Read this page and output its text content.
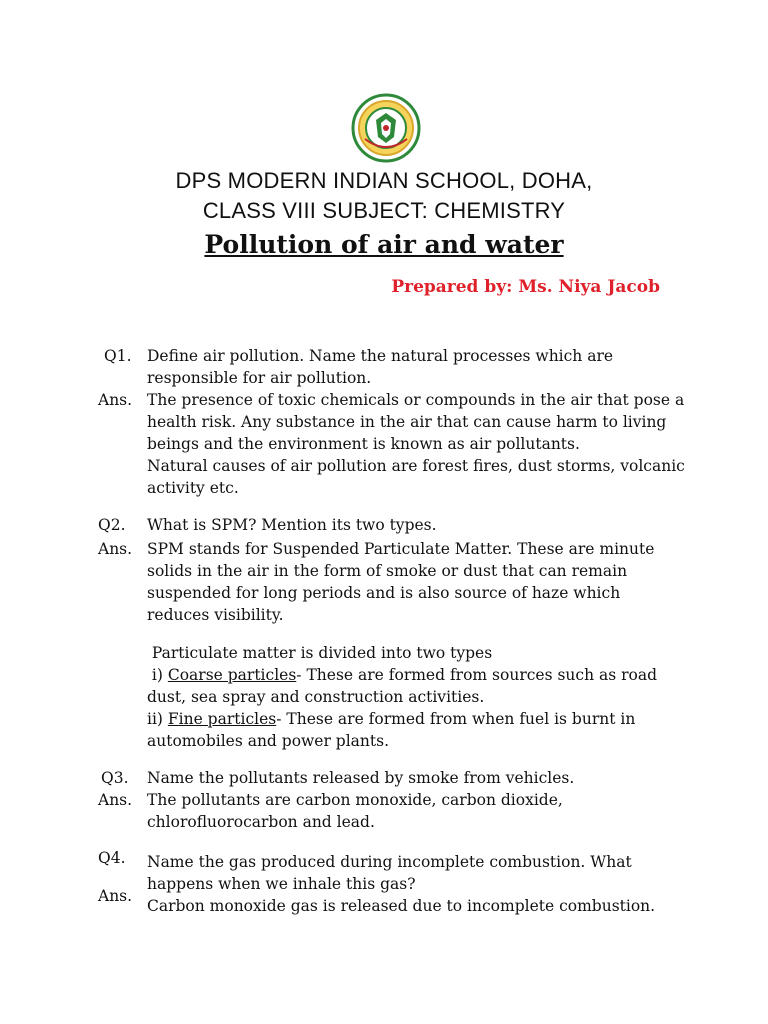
DPS MODERN INDIAN SCHOOL, DOHA,
CLASS VIII SUBJECT: CHEMISTRY
Pollution of air and water
Prepared by: Ms. Niya Jacob
Q1.	Define air pollution. Name the natural processes which are
responsible for air pollution.
Ans. The presence of toxic chemicals or compounds in the air that pose a
health risk. Any substance in the air that can cause harm to living
beings and the environment is known as air pollutants.
Natural causes of air pollution are forest fires, dust storms, volcanic
activity etc.
Q2.	What is SPM? Mention its two types.
Ans. SPM stands for Suspended Particulate Matter. These are minute
solids in the air in the form of smoke or dust that can remain
suspended for long periods and is also source of haze which
reduces visibility.
Particulate matter is divided into two types
i) Coarse particles- These are formed from sources such as road
dust, sea spray and construction activities.
ii) Fine particles- These are formed from when fuel is burnt in
automobiles and power plants.
Q3.	Name the pollutants released by smoke from vehicles.
Ans. The pollutants are carbon monoxide, carbon dioxide,
chlorofluorocarbon and lead.
Q4.	Name the gas produced during incomplete combustion. What
happens when we inhale this gas?
Ans.
Carbon monoxide gas is released due to incomplete combustion.
